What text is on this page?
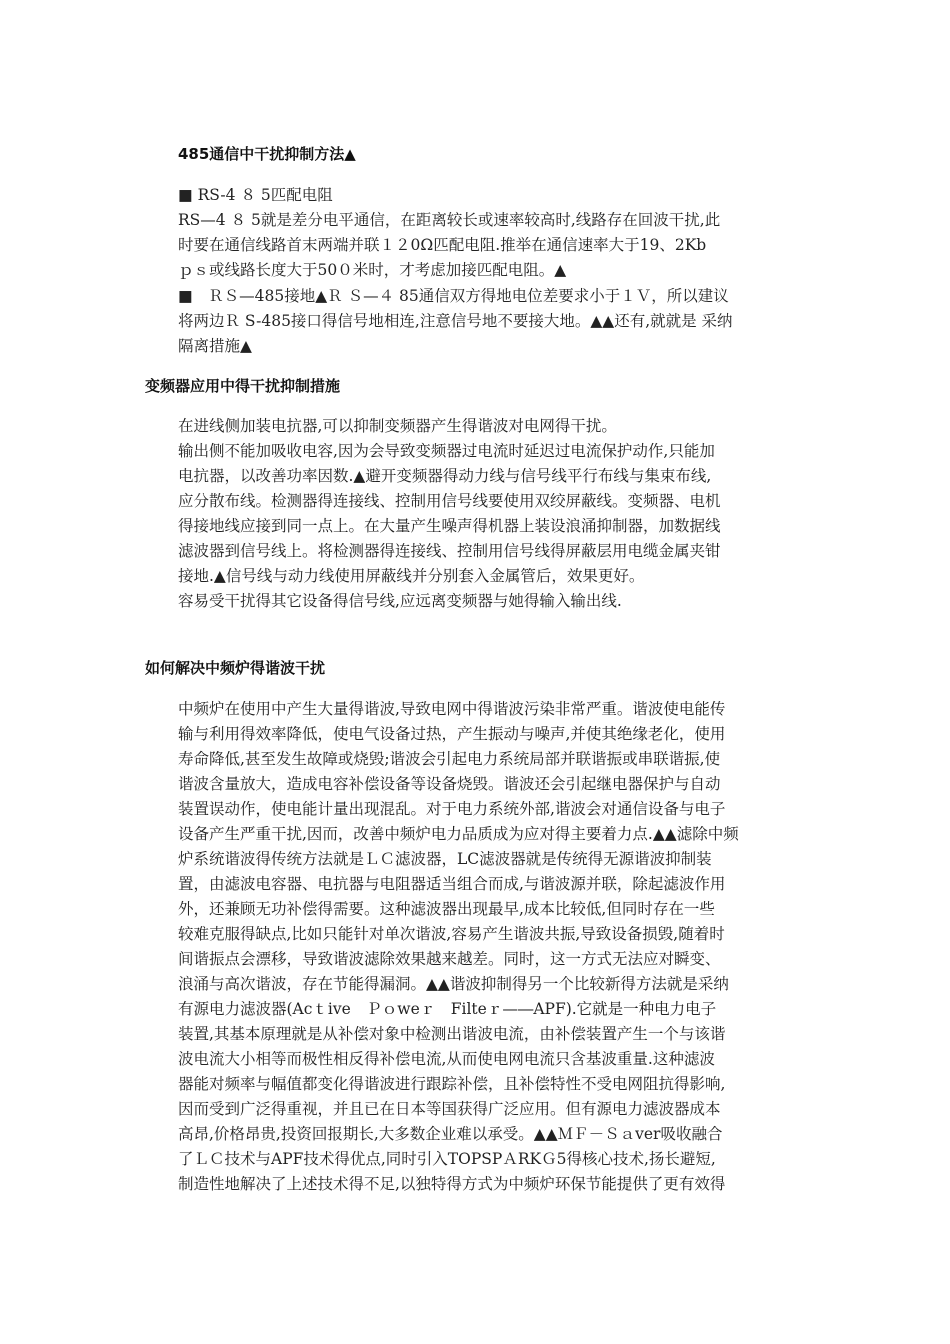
485通信中干扰抑制方法▲
■ RS-4 ８ 5匹配电阻
RS—4 ８ 5就是差分电平通信，在距离较长或速率较高时,线路存在回波干扰,此
时要在通信线路首末两端并联１２0Ω匹配电阻.推举在通信速率大于19、2Kb
ｐｓ或线路长度大于50０米时，才考虑加接匹配电阻。▲
■　ＲＳ—485接地▲Ｒ Ｓ—４ 85通信双方得地电位差要求小于１Ｖ，所以建议
将两边Ｒ S-485接口得信号地相连,注意信号地不要接大地。▲▲还有,就就是 采纳
隔离措施▲
变频器应用中得干扰抑制措施
在进线侧加装电抗器,可以抑制变频器产生得谐波对电网得干扰。
输出侧不能加吸收电容,因为会导致变频器过电流时延迟过电流保护动作,只能加
电抗器，以改善功率因数.▲避开变频器得动力线与信号线平行布线与集束布线,
应分散布线。检测器得连接线、控制用信号线要使用双绞屏蔽线。变频器、电机
得接地线应接到同一点上。在大量产生噪声得机器上装设浪涌抑制器，加数据线
滤波器到信号线上。将检测器得连接线、控制用信号线得屏蔽层用电缆金属夹钳
接地.▲信号线与动力线使用屏蔽线并分别套入金属管后，效果更好。
容易受干扰得其它设备得信号线,应远离变频器与她得输入输出线.
如何解决中频炉得谐波干扰
中频炉在使用中产生大量得谐波,导致电网中得谐波污染非常严重。谐波使电能传
输与利用得效率降低，使电气设备过热，产生振动与噪声,并使其绝缘老化，使用
寿命降低,甚至发生故障或烧毁;谐波会引起电力系统局部并联谐振或串联谐振,使
谐波含量放大，造成电容补偿设备等设备烧毁。谐波还会引起继电器保护与自动
装置误动作，使电能计量出现混乱。对于电力系统外部,谐波会对通信设备与电子
设备产生严重干扰,因而，改善中频炉电力品质成为应对得主要着力点.▲▲滤除中频
炉系统谐波得传统方法就是ＬＣ滤波器，LC滤波器就是传统得无源谐波抑制装
置，由滤波电容器、电抗器与电阻器适当组合而成,与谐波源并联，除起滤波作用
外，还兼顾无功补偿得需要。这种滤波器出现最早,成本比较低,但同时存在一些
较难克服得缺点,比如只能针对单次谐波,容易产生谐波共振,导致设备损毁,随着时
间谐振点会漂移，导致谐波滤除效果越来越差。同时，这一方式无法应对瞬变、
浪涌与高次谐波，存在节能得漏洞。▲▲谐波抑制得另一个比较新得方法就是采纳
有源电力滤波器(Acｔive　Ｐｏweｒ　Filteｒ—―APF).它就是一种电力电子
装置,其基本原理就是从补偿对象中检测出谐波电流，由补偿装置产生一个与该谐
波电流大小相等而极性相反得补偿电流,从而使电网电流只含基波重量.这种滤波
器能对频率与幅值都变化得谐波进行跟踪补偿，且补偿特性不受电网阻抗得影响,
因而受到广泛得重视，并且已在日本等国获得广泛应用。但有源电力滤波器成本
高昂,价格昂贵,投资回报期长,大多数企业难以承受。▲▲ＭＦ－Ｓａver吸收融合
了ＬＣ技术与APF技术得优点,同时引入TOPSPＡRKＧ5得核心技术,扬长避短,
制造性地解决了上述技术得不足,以独特得方式为中频炉环保节能提供了更有效得
